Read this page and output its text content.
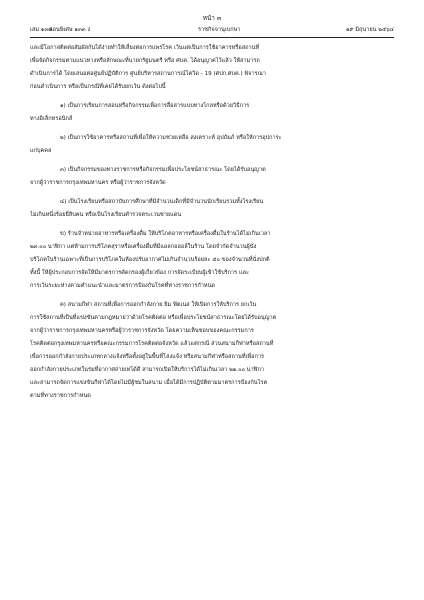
หน้า ๓
เล่ม ๑๓๘
ตอนพิเศษ ๑๓๓ ง	ราชกิจจานุเบกษา	๑๙ มิถุนายน ๒๕๖๔
และมีโอกาสติดต่อสัมผัสกันได้ง่ายทำให้เสี่ยงต่อการแพร่โรค เว้นแต่เป็นการใช้อาคารหรือสถานที่
เพื่อจัดกิจกรรมตามแนวทางหรือลักษณะที่นายกรัฐมนตรี หรือ ศบค. ได้อนุญาตไว้แล้ว ให้สามารถ
ดำเนินการได้ โดยเสนอต่อศูนย์ปฏิบัติการ ศูนย์บริหารสถานการณ์โควิด - 19 (ศปก.ศบค.) พิจารณา
ก่อนดำเนินการ หรือเป็นกรณีที่เคยได้รับยกเว้น ดังต่อไปนี้
๑) เป็นการเรียนการสอนหรือกิจกรรมเพื่อการสื่อสารแบบทางไกลหรือด้วยวิธีการ
ทางอิเล็กทรอนิกส์
๒) เป็นการใช้อาคารหรือสถานที่เพื่อให้ความช่วยเหลือ สงเคราะห์ อุปถัมภ์ หรือให้การอุปการะ
แก่บุคคล
๓) เป็นกิจกรรมของทางราชการหรือกิจกรรมเพื่อประโยชน์สาธารณะ โดยได้รับอนุญาต
จากผู้ว่าราชการกรุงเทพมหานคร หรือผู้ว่าราชการจังหวัด
๔) เป็นโรงเรียนหรือสถาบันการศึกษาที่มีจำนวนเด็กที่มีจำนวนนักเรียนรวมทั้งโรงเรียน
ไม่เกินหนึ่งร้อยยี่สิบคน หรือเป็นโรงเรียนตำรวจตระเวนชายแดน
ข) ร้านจำหน่ายอาหารหรือเครื่องดื่ม ให้บริโภคอาหารหรือเครื่องดื่มในร้านได้ไม่เกินเวลา
๒๓.๐๐ นาฬิกา แต่ห้ามการบริโภคสุราหรือเครื่องดื่มที่มีแอลกอฮอล์ในร้าน โดยจำกัดจำนวนผู้นั่ง
บริโภคในร้านเฉพาะที่เป็นการบริโภคในห้องปรับอากาศไม่เกินจำนวนร้อยละ ๕๐ ของจำนวนที่นั่งปกติ
ทั้งนี้ ให้ผู้ประกอบการจัดให้มีมาตรการคัดกรองผู้เกี่ยวข้อง การจัดระเบียบผู้เข้าใช้บริการ และ
การเว้นระยะห่างตามคำแนะนำและมาตรการป้องกันโรคที่ทางราชการกำหนด
ค) สนามกีฬา สถานที่เพื่อการออกกำลังกาย ยิม ฟิตเนส ให้เปิดการให้บริการ ยกเว้น
การใช้สถานที่เป็นที่แข่งขันตามกฎหมายว่าด้วยโรคติดต่อ หรือเพื่อประโยชน์สาธารณะโดยได้รับอนุญาต
จากผู้ว่าราชการกรุงเทพมหานครหรือผู้ว่าราชการจังหวัด โดยความเห็นชอบของคณะกรรมการ
โรคติดต่อกรุงเทพมหานครหรือคณะกรรมการโรคติดต่อจังหวัด แล้วแต่กรณี ส่วนสนามกีฬาหรือสถานที่
เพื่อการออกกำลังกายประเภทกลางแจ้งหรือตั้งอยู่ในพื้นที่โล่งแจ้ง หรือสนามกีฬาหรือสถานที่เพื่อการ
ออกกำลังกายประเภทในร่มที่อากาศถ่ายเทได้ดี สามารถเปิดให้บริการได้ไม่เกินเวลา ๒๑.๐๐ นาฬิกา
และสามารถจัดการแข่งขันกีฬาได้โดยไม่มีผู้ชมในสนาม เมื่อได้มีการปฏิบัติตามมาตรการป้องกันโรค
ตามที่ทางราชการกำหนด
